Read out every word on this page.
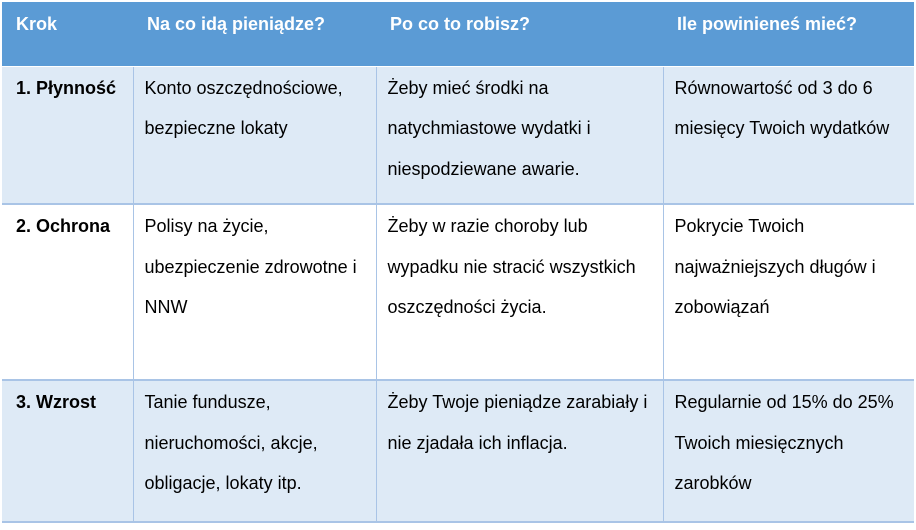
Krok	Na co idą pieniądze?	Po co to robisz?	Ile powinieneś mieć?

1. Płynność	Konto oszczędnościowe, bezpieczne lokaty	Żeby mieć środki na natychmiastowe wydatki i niespodziewane awarie.	Równowartość od 3 do 6 miesięcy Twoich wydatków

2. Ochrona	Polisy na życie, ubezpieczenie zdrowotne i NNW	Żeby w razie choroby lub wypadku nie stracić wszystkich oszczędności życia.	Pokrycie Twoich najważniejszych długów i zobowiązań

3. Wzrost	Tanie fundusze, nieruchomości, akcje, obligacje, lokaty itp.	Żeby Twoje pieniądze zarabiały i nie zjadała ich inflacja.	Regularnie od 15% do 25% Twoich miesięcznych zarobków
